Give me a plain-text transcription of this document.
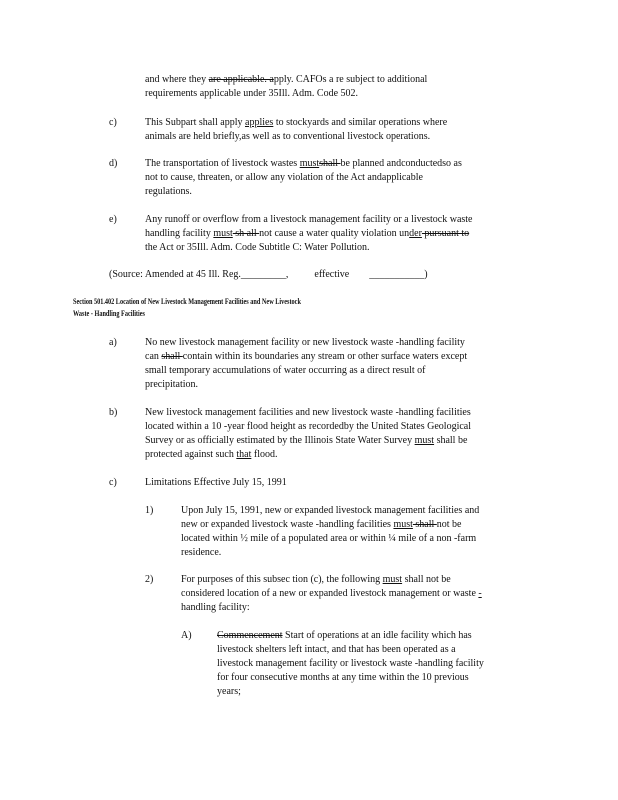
and where they are applicable. apply. CAFOs a re subject to additional
requirements applicable under 35Ill. Adm. Code 502.
c)	This Subpart shall apply applies to stockyards and similar operations where
animals are held briefly,as well as to conventional livestock operations.
d)	The transportation of livestock wastes mustshall be planned andconductedso as
not to cause, threaten, or allow any violation of the Act andapplicable
regulations.
e)	Any runoff or overflow from a livestock management facility or a livestock waste
handling facility must sh all not cause a water quality violation under pursuant to
the Act or 35Ill. Adm. Code Subtitle C: Water Pollution.
(Source: Amended at 45 Ill. Reg._________,	effective ___________)
Section 501.402 Location of New Livestock Management Facilities and New Livestock
Waste - Handling Facilities
a)	No new livestock management facility or new livestock waste -handling facility
can shall contain within its boundaries any stream or other surface waters except
small temporary accumulations of water occurring as a direct result of
precipitation.
b)	New livestock management facilities and new livestock waste -handling facilities
located within a 10 -year flood height as recordedby the United States Geological
Survey or as officially estimated by the Illinois State Water Survey must shall be
protected against such that flood.
c)	Limitations Effective July 15, 1991
1)	Upon July 15, 1991, new or expanded livestock management facilities and
new or expanded livestock waste -handling facilities must shall not be
located within ½ mile of a populated area or within ¼ mile of a non -farm
residence.
2)	For purposes of this subsec tion (c), the following must shall not be
considered location of a new or expanded livestock management or waste -
handling facility:
A)	Commencement Start of operations at an idle facility which has
livestock shelters left intact, and that has been operated as a
livestock management facility or livestock waste -handling facility
for four consecutive months at any time within the 10 previous
years;
